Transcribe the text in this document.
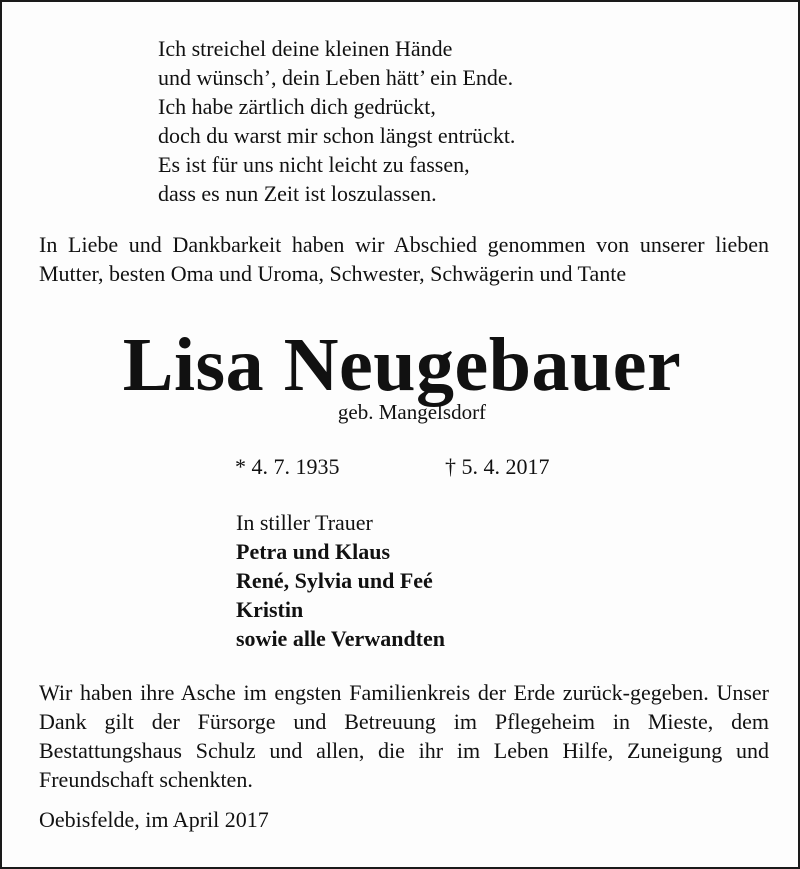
Ich streichel deine kleinen Hände
und wünsch’, dein Leben hätt’ ein Ende.
Ich habe zärtlich dich gedrückt,
doch du warst mir schon längst entrückt.
Es ist für uns nicht leicht zu fassen,
dass es nun Zeit ist loszulassen.
In Liebe und Dankbarkeit haben wir Abschied genommen von unserer lieben Mutter, besten Oma und Uroma, Schwester, Schwägerin und Tante
Lisa Neugebauer
geb. Mangelsdorf
* 4. 7. 1935	† 5. 4. 2017
In stiller Trauer
Petra und Klaus
René, Sylvia und Feé
Kristin
sowie alle Verwandten
Wir haben ihre Asche im engsten Familienkreis der Erde zurück-gegeben. Unser Dank gilt der Fürsorge und Betreuung im Pflegeheim in Mieste, dem Bestattungshaus Schulz und allen, die ihr im Leben Hilfe, Zuneigung und Freundschaft schenkten.
Oebisfelde, im April 2017
